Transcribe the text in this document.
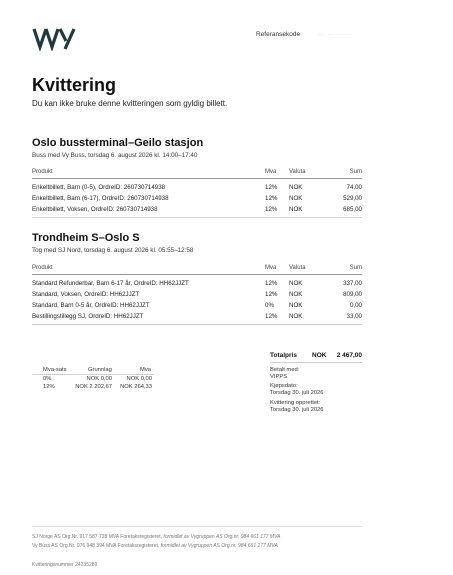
Referansekode	··· ·· ······
Kvittering
Du kan ikke bruke denne kvitteringen som gyldig billett.
Oslo bussterminal–Geilo stasjon
Buss med Vy Buss, torsdag 6. august 2026 kl. 14:00–17:40
Produkt	Mva Valuta	Sum
Enkeltbillett, Barn (0-5), OrdreID: 260730714938	12% NOK	74,00
Enkeltbillett, Barn (6-17), OrdreID: 260730714938	12% NOK	529,00
Enkeltbillett, Voksen, OrdreID: 260730714938	12% NOK	685,00
Trondheim S–Oslo S
Tog med SJ Nord, torsdag 6. august 2026 kl. 05:55–12:58
Produkt	Mva Valuta	Sum
Standard Refunderbar, Barn 6-17 år, OrdreID: HH62JJZT	12% NOK	337,00
Standard, Voksen, OrdreID: HH62JJZT	12% NOK	809,00
Standard, Barn 0-5 år, OrdreID: HH62JJZT	0% NOK	0,00
Bestillingstillegg SJ, OrdreID: HH62JJZT	12% NOK	33,00
Totalpris NOK	2 467,00
Mva-sats	Grunnlag	Mva
0%	NOK 0,00	NOK 0,00
12%	NOK 2 202,67	NOK 264,33
Betalt med:
VIPPS
Kjøpsdato:
Torsdag 30. juli 2026
Kvittering opprettet:
Torsdag 30. juli 2026
SJ Norge AS Org.Nr. 917 587 728 MVA Foretaksregisteret, formidlet av Vygruppen AS Org.nr. 984 661 177 MVA
Vy Buss AS Org.Nr. 976 948 394 MVA Foretaksregisteret, formidlet av Vygruppen AS Org.nr. 984 661 177 MVA
Kvitteringsnummer 24235289
